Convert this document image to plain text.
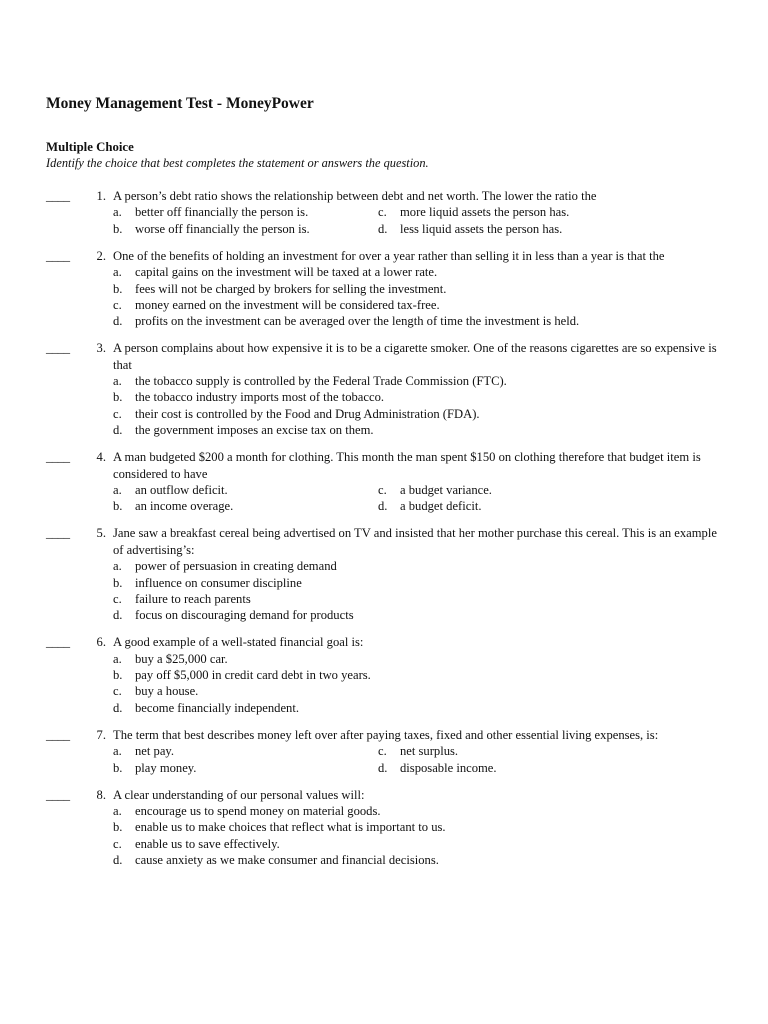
Money Management Test - MoneyPower
Multiple Choice
Identify the choice that best completes the statement or answers the question.
____	1. A person’s debt ratio shows the relationship between debt and net worth. The lower the ratio the
a.	better off financially the person is.	c.	more liquid assets the person has.
b. worse off financially the person is.	d. less liquid assets the person has.
____	2. One of the benefits of holding an investment for over a year rather than selling it in less than a year is that the
a.	capital gains on the investment will be taxed at a lower rate.
b. fees will not be charged by brokers for selling the investment.
c.	money earned on the investment will be considered tax-free.
d. profits on the investment can be averaged over the length of time the investment is held.
____	3. A person complains about how expensive it is to be a cigarette smoker. One of the reasons cigarettes are so expensive is that
a.	the tobacco supply is controlled by the Federal Trade Commission (FTC).
b. the tobacco industry imports most of the tobacco.
c.	their cost is controlled by the Food and Drug Administration (FDA).
d. the government imposes an excise tax on them.
____	4. A man budgeted $200 a month for clothing. This month the man spent $150 on clothing therefore that budget item is considered to have
a.	an outflow deficit.	c.	a budget variance.
b. an income overage.	d. a budget deficit.
____	5. Jane saw a breakfast cereal being advertised on TV and insisted that her mother purchase this cereal. This is an example of advertising’s:
a.	power of persuasion in creating demand
b. influence on consumer discipline
c.	failure to reach parents
d. focus on discouraging demand for products
____	6. A good example of a well-stated financial goal is:
a.	buy a $25,000 car.
b. pay off $5,000 in credit card debt in two years.
c.	buy a house.
d. become financially independent.
____	7. The term that best describes money left over after paying taxes, fixed and other essential living expenses, is:
a.	net pay.	c.	net surplus.
b. play money.	d. disposable income.
____	8. A clear understanding of our personal values will:
a.	encourage us to spend money on material goods.
b. enable us to make choices that reflect what is important to us.
c.	enable us to save effectively.
d. cause anxiety as we make consumer and financial decisions.
